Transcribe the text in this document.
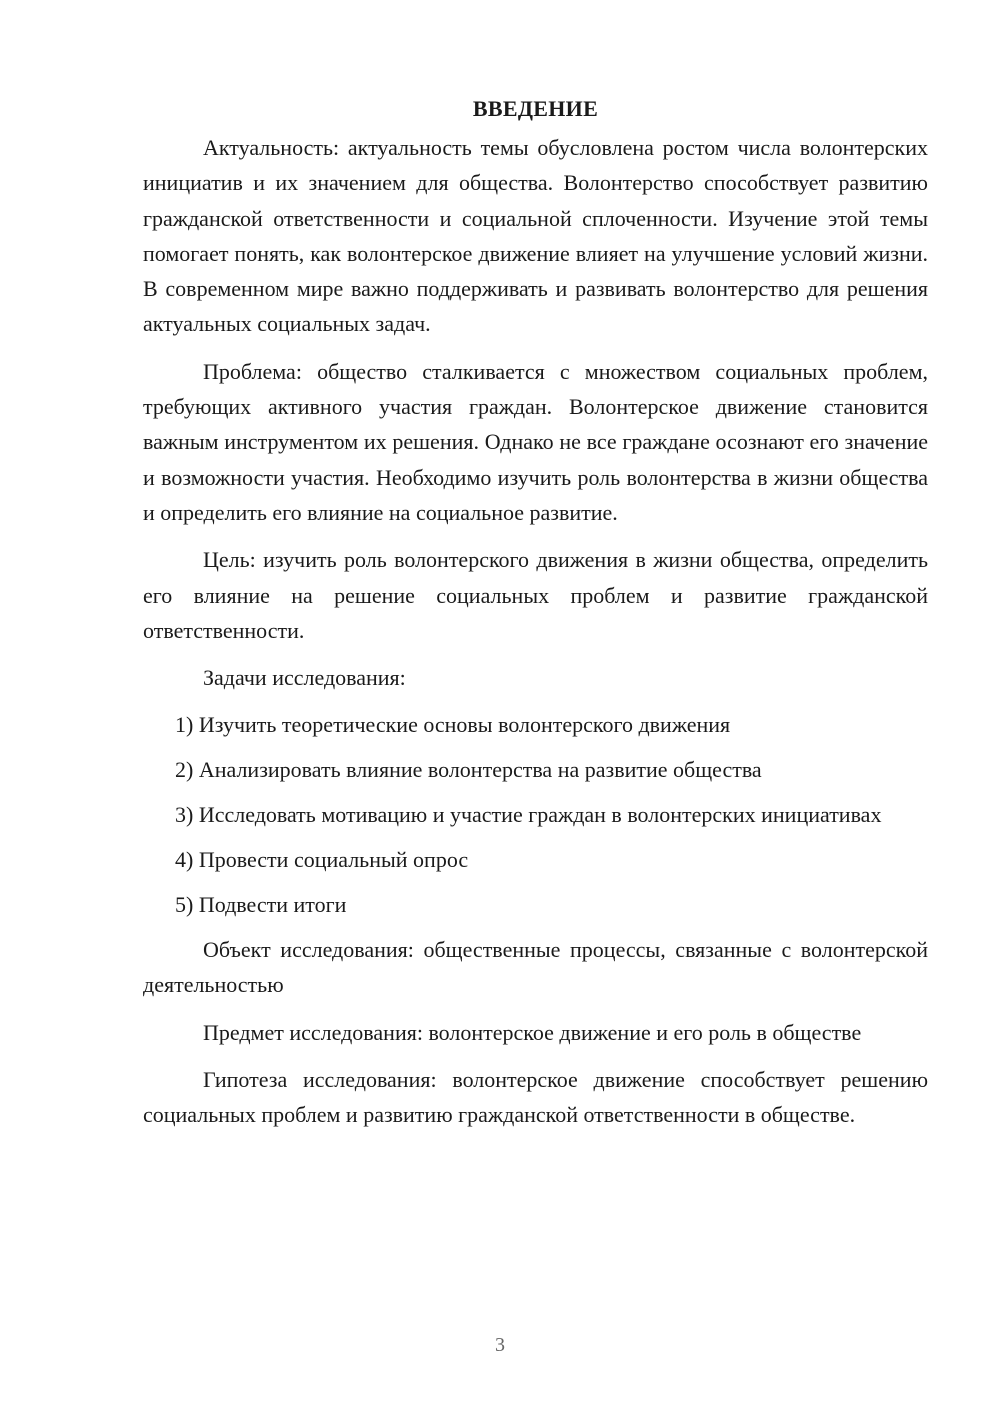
ВВЕДЕНИЕ

Актуальность: актуальность темы обусловлена ростом числа волонтерских инициатив и их значением для общества. Волонтерство способствует развитию гражданской ответственности и социальной сплоченности. Изучение этой темы помогает понять, как волонтерское движение влияет на улучшение условий жизни. В современном мире важно поддерживать и развивать волонтерство для решения актуальных социальных задач.

Проблема: общество сталкивается с множеством социальных проблем, требующих активного участия граждан. Волонтерское движение становится важным инструментом их решения. Однако не все граждане осознают его значение и возможности участия. Необходимо изучить роль волонтерства в жизни общества и определить его влияние на социальное развитие.

Цель: изучить роль волонтерского движения в жизни общества, определить его влияние на решение социальных проблем и развитие гражданской ответственности.

Задачи исследования:

1) Изучить теоретические основы волонтерского движения

2) Анализировать влияние волонтерства на развитие общества

3) Исследовать мотивацию и участие граждан в волонтерских инициативах

4) Провести социальный опрос

5) Подвести итоги

Объект исследования: общественные процессы, связанные с волонтерской деятельностью

Предмет исследования: волонтерское движение и его роль в обществе

Гипотеза исследования: волонтерское движение способствует решению социальных проблем и развитию гражданской ответственности в обществе.

3
